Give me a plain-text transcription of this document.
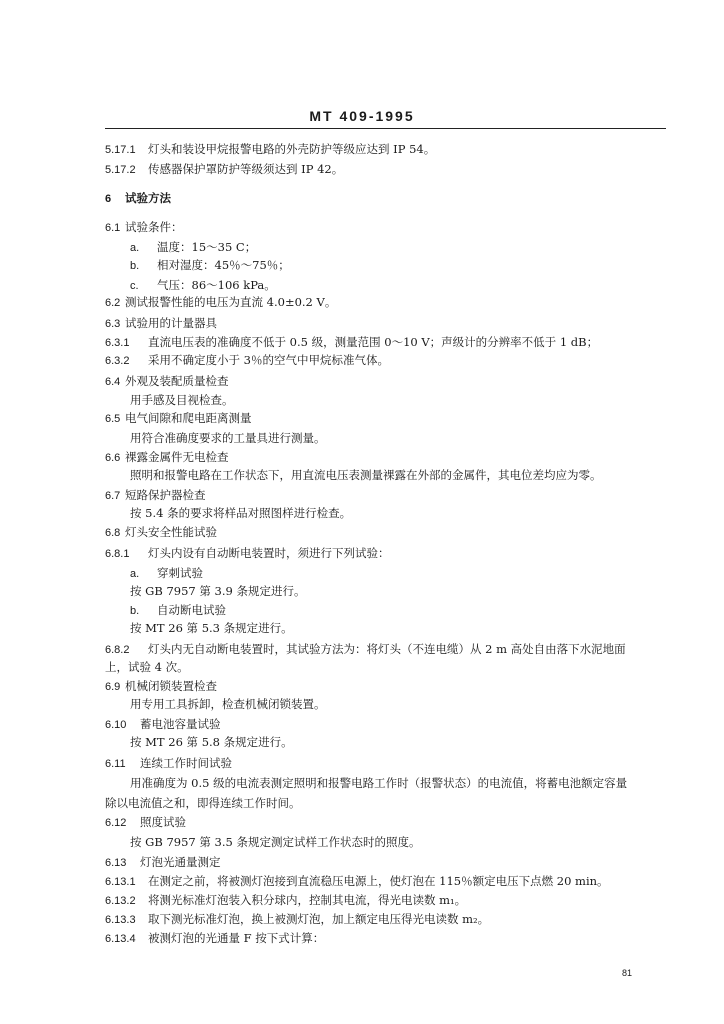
MT 409-1995
5.17.1 灯头和装设甲烷报警电路的外壳防护等级应达到 IP 54。
5.17.2 传感器保护罩防护等级须达到 IP 42。
6 试验方法
6.1 试验条件：
a. 温度：15～35 C；
b. 相对湿度：45％～75％；
c. 气压：86～106 kPa。
6.2 测试报警性能的电压为直流 4.0±0.2 V。
6.3 试验用的计量器具
6.3.1 直流电压表的准确度不低于 0.5 级，测量范围 0～10 V；声级计的分辨率不低于 1 dB；
6.3.2 采用不确定度小于 3％的空气中甲烷标准气体。
6.4 外观及装配质量检查
用手感及目视检查。
6.5 电气间隙和爬电距离测量
用符合准确度要求的工量具进行测量。
6.6 裸露金属件无电检查
照明和报警电路在工作状态下，用直流电压表测量裸露在外部的金属件，其电位差均应为零。
6.7 短路保护器检查
按 5.4 条的要求将样品对照图样进行检查。
6.8 灯头安全性能试验
6.8.1 灯头内设有自动断电装置时，须进行下列试验：
a. 穿刺试验
按 GB 7957 第 3.9 条规定进行。
b. 自动断电试验
按 MT 26 第 5.3 条规定进行。
6.8.2 灯头内无自动断电装置时，其试验方法为：将灯头（不连电缆）从 2 m 高处自由落下水泥地面
上，试验 4 次。
6.9 机械闭锁装置检查
用专用工具拆卸，检查机械闭锁装置。
6.10 蓄电池容量试验
按 MT 26 第 5.8 条规定进行。
6.11 连续工作时间试验
用准确度为 0.5 级的电流表测定照明和报警电路工作时（报警状态）的电流值，将蓄电池额定容量
除以电流值之和，即得连续工作时间。
6.12 照度试验
按 GB 7957 第 3.5 条规定测定试样工作状态时的照度。
6.13 灯泡光通量测定
6.13.1 在测定之前，将被测灯泡接到直流稳压电源上，使灯泡在 115％额定电压下点燃 20 min。
6.13.2 将测光标准灯泡装入积分球内，控制其电流，得光电读数 m₁。
6.13.3 取下测光标准灯泡，换上被测灯泡，加上额定电压得光电读数 m₂。
6.13.4 被测灯泡的光通量 F 按下式计算：
81
